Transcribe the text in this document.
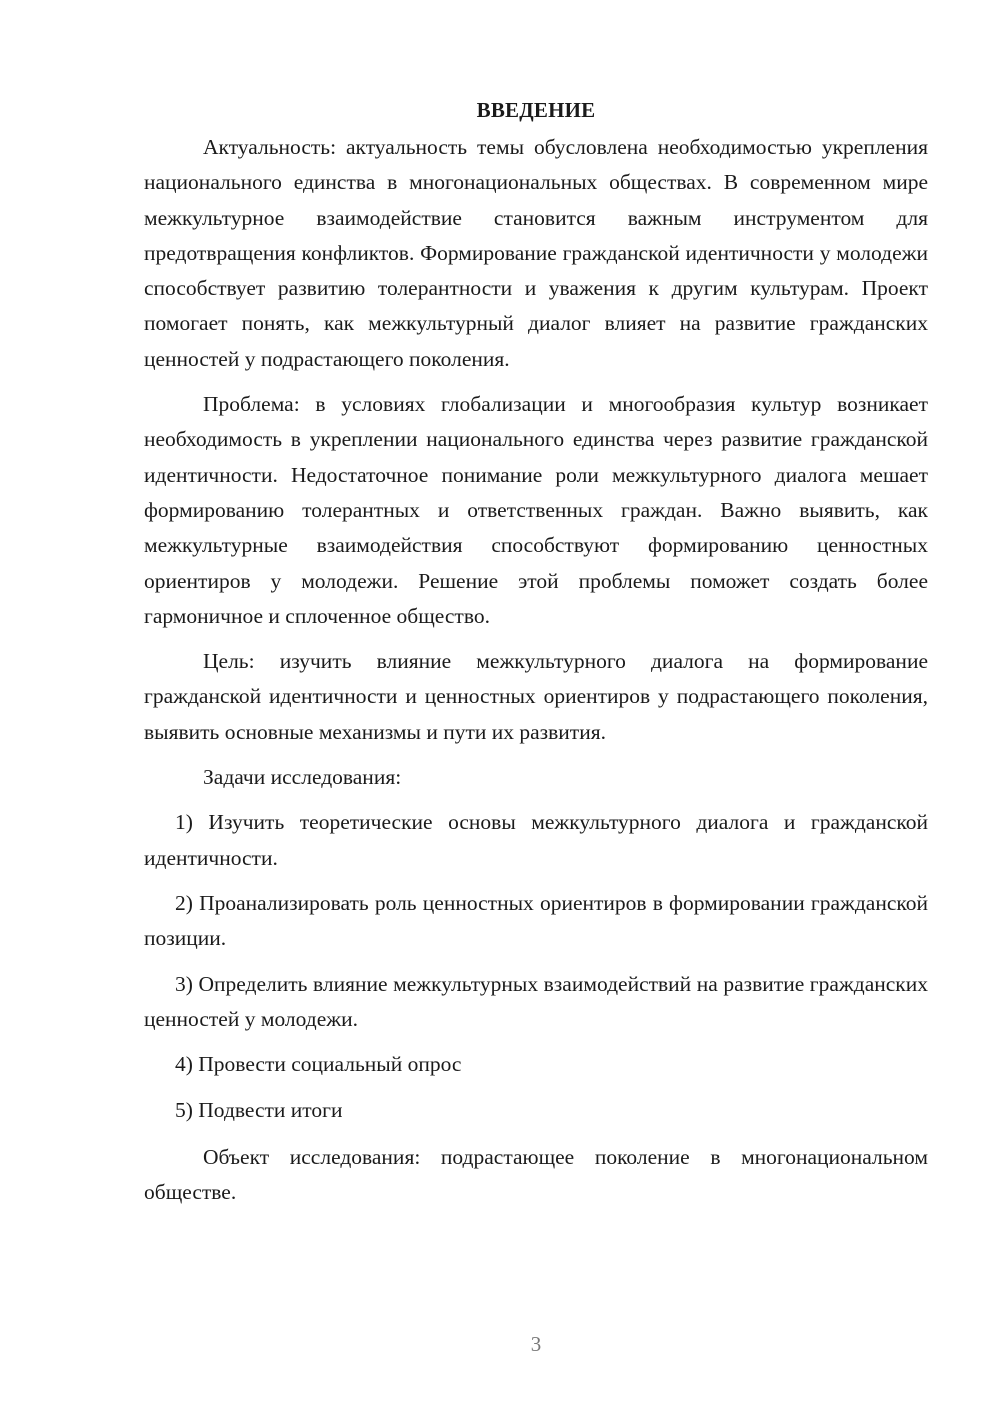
ВВЕДЕНИЕ

Актуальность: актуальность темы обусловлена необходимостью укрепления национального единства в многонациональных обществах. В современном мире межкультурное взаимодействие становится важным инструментом для предотвращения конфликтов. Формирование гражданской идентичности у молодежи способствует развитию толерантности и уважения к другим культурам. Проект помогает понять, как межкультурный диалог влияет на развитие гражданских ценностей у подрастающего поколения.

Проблема: в условиях глобализации и многообразия культур возникает необходимость в укреплении национального единства через развитие гражданской идентичности. Недостаточное понимание роли межкультурного диалога мешает формированию толерантных и ответственных граждан. Важно выявить, как межкультурные взаимодействия способствуют формированию ценностных ориентиров у молодежи. Решение этой проблемы поможет создать более гармоничное и сплоченное общество.

Цель: изучить влияние межкультурного диалога на формирование гражданской идентичности и ценностных ориентиров у подрастающего поколения, выявить основные механизмы и пути их развития.

Задачи исследования:

1) Изучить теоретические основы межкультурного диалога и гражданской идентичности.

2) Проанализировать роль ценностных ориентиров в формировании гражданской позиции.

3) Определить влияние межкультурных взаимодействий на развитие гражданских ценностей у молодежи.

4) Провести социальный опрос

5) Подвести итоги

Объект исследования: подрастающее поколение в многонациональном обществе.

3
